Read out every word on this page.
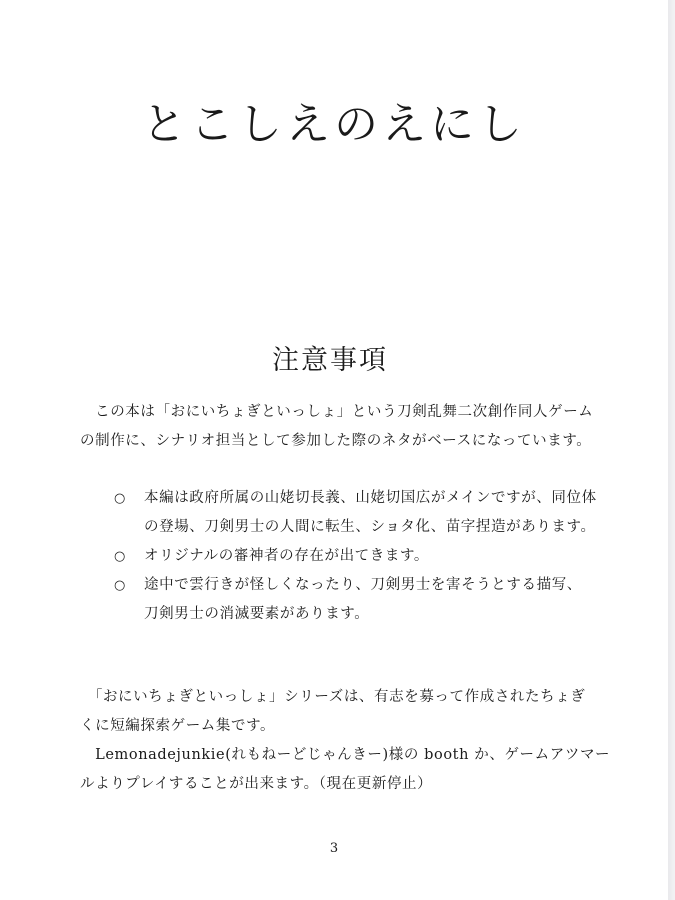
とこしえのえにし
注意事項
　この本は「おにいちょぎといっしょ」という刀剣乱舞二次創作同人ゲーム
の制作に、シナリオ担当として参加した際のネタがベースになっています。
○ 本編は政府所属の山姥切長義、山姥切国広がメインですが、同位体
の登場、刀剣男士の人間に転生、ショタ化、苗字捏造があります。
○ オリジナルの審神者の存在が出てきます。
○ 途中で雲行きが怪しくなったり、刀剣男士を害そうとする描写、
刀剣男士の消滅要素があります。
　「おにいちょぎといっしょ」シリーズは、有志を募って作成されたちょぎ
くに短編探索ゲーム集です。
　Lemonadejunkie(れもねーどじゃんきー)様の booth か、ゲームアツマー
ルよりプレイすることが出来ます。（現在更新停止）
3
